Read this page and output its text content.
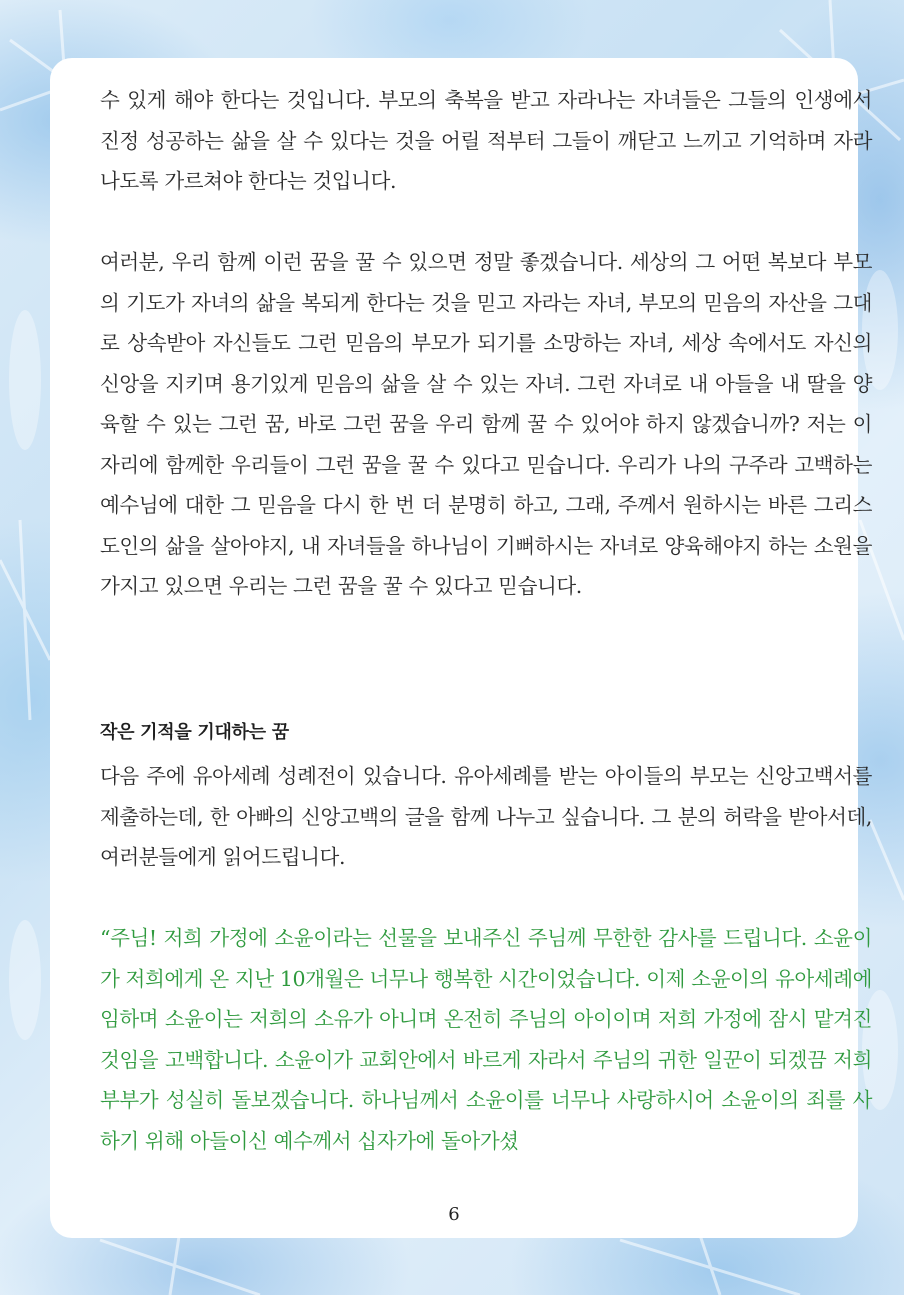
수 있게 해야 한다는 것입니다. 부모의 축복을 받고 자라나는 자녀들은 그들의 인생에서 진정 성공하는 삶을 살 수 있다는 것을 어릴 적부터 그들이 깨닫고 느끼고 기억하며 자라나도록 가르쳐야 한다는 것입니다.

여러분, 우리 함께 이런 꿈을 꿀 수 있으면 정말 좋겠습니다. 세상의 그 어떤 복보다 부모의 기도가 자녀의 삶을 복되게 한다는 것을 믿고 자라는 자녀, 부모의 믿음의 자산을 그대로 상속받아 자신들도 그런 믿음의 부모가 되기를 소망하는 자녀, 세상 속에서도 자신의 신앙을 지키며 용기있게 믿음의 삶을 살 수 있는 자녀. 그런 자녀로 내 아들을 내 딸을 양육할 수 있는 그런 꿈, 바로 그런 꿈을 우리 함께 꿀 수 있어야 하지 않겠습니까? 저는 이 자리에 함께한 우리들이 그런 꿈을 꿀 수 있다고 믿습니다. 우리가 나의 구주라 고백하는 예수님에 대한 그 믿음을 다시 한 번 더 분명히 하고, 그래, 주께서 원하시는 바른 그리스도인의 삶을 살아야지, 내 자녀들을 하나님이 기뻐하시는 자녀로 양육해야지 하는 소원을 가지고 있으면 우리는 그런 꿈을 꿀 수 있다고 믿습니다.

작은 기적을 기대하는 꿈

다음 주에 유아세례 성례전이 있습니다. 유아세례를 받는 아이들의 부모는 신앙고백서를 제출하는데, 한 아빠의 신앙고백의 글을 함께 나누고 싶습니다. 그 분의 허락을 받아서데, 여러분들에게 읽어드립니다.

“주님! 저희 가정에 소윤이라는 선물을 보내주신 주님께 무한한 감사를 드립니다. 소윤이가 저희에게 온 지난 10개월은 너무나 행복한 시간이었습니다. 이제 소윤이의 유아세례에 임하며 소윤이는 저희의 소유가 아니며 온전히 주님의 아이이며 저희 가정에 잠시 맡겨진 것임을 고백합니다. 소윤이가 교회안에서 바르게 자라서 주님의 귀한 일꾼이 되겠끔 저희 부부가 성실히 돌보겠습니다. 하나님께서 소윤이를 너무나 사랑하시어 소윤이의 죄를 사하기 위해 아들이신 예수께서 십자가에 돌아가셨

6
